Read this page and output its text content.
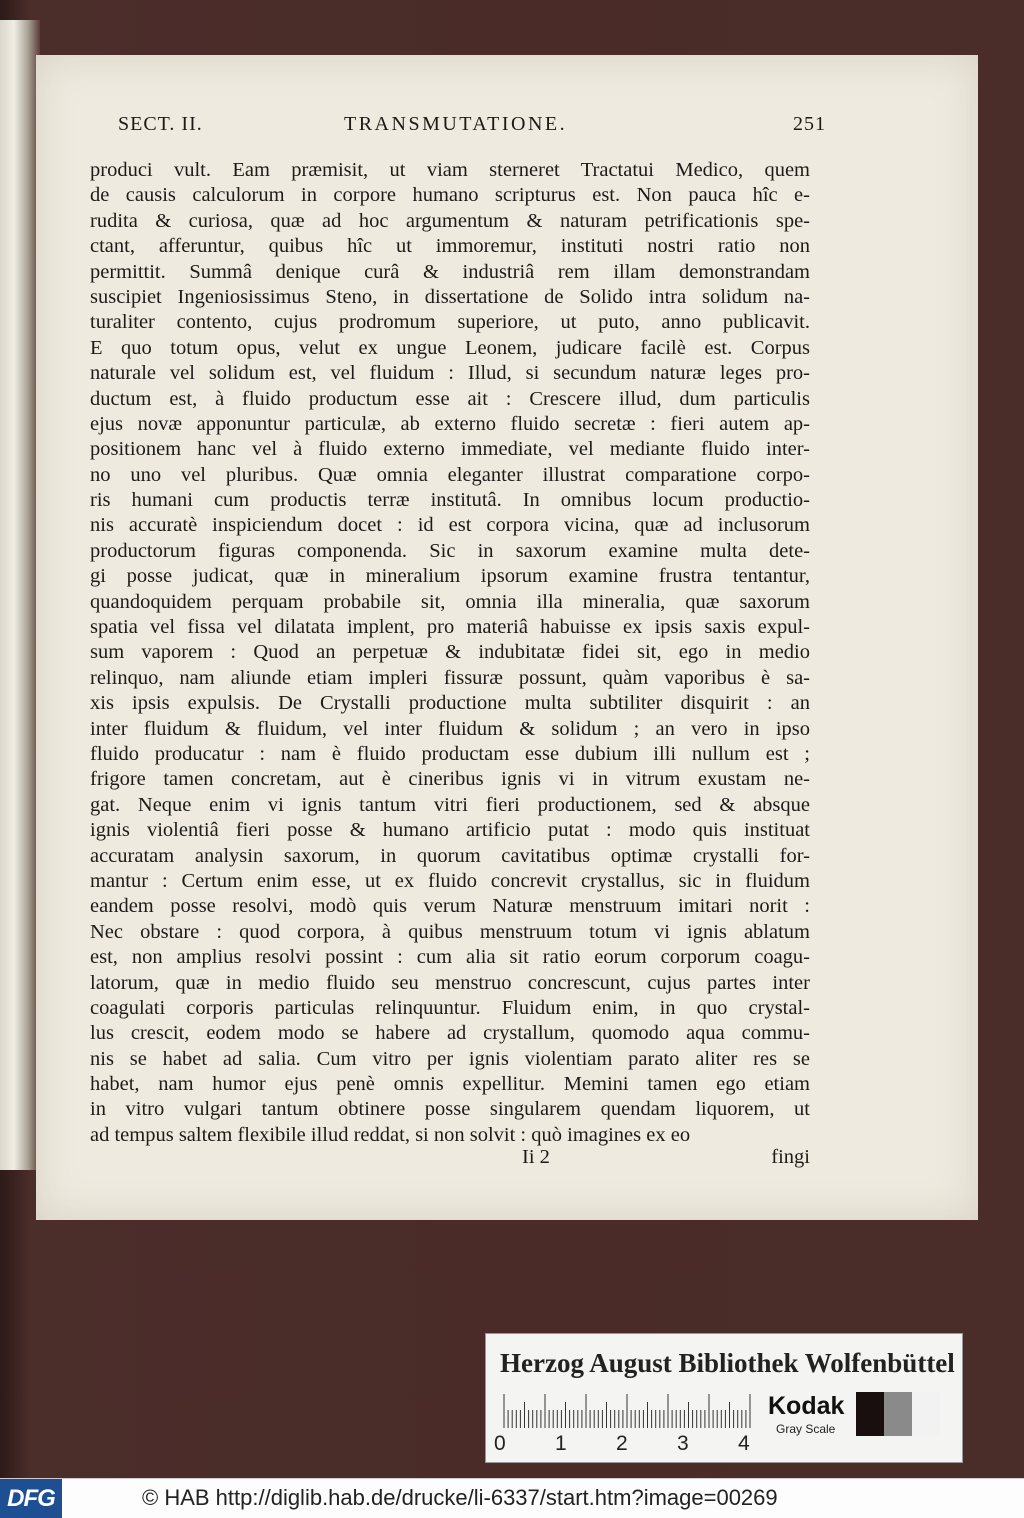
SECT. II.	TRANSMUTATIONE.	251
produci vult. Eam præmisit, ut viam sterneret Tractatui Medico, quem
de causis calculorum in corpore humano scripturus est. Non pauca hîc e-
rudita & curiosa, quæ ad hoc argumentum & naturam petrificationis spe-
ctant, afferuntur, quibus hîc ut immoremur, instituti nostri ratio non
permittit. Summâ denique curâ & industriâ rem illam demonstrandam
suscipiet Ingeniosissimus Steno, in dissertatione de Solido intra solidum na-
turaliter contento, cujus prodromum superiore, ut puto, anno publicavit.
E quo totum opus, velut ex ungue Leonem, judicare facilè est. Corpus
naturale vel solidum est, vel fluidum : Illud, si secundum naturæ leges pro-
ductum est, à fluido productum esse ait : Crescere illud, dum particulis
ejus novæ apponuntur particulæ, ab externo fluido secretæ : fieri autem ap-
positionem hanc vel à fluido externo immediate, vel mediante fluido inter-
no uno vel pluribus. Quæ omnia eleganter illustrat comparatione corpo-
ris humani cum productis terræ institutâ. In omnibus locum productio-
nis accuratè inspiciendum docet : id est corpora vicina, quæ ad inclusorum
productorum figuras componenda. Sic in saxorum examine multa dete-
gi posse judicat, quæ in mineralium ipsorum examine frustra tentantur,
quandoquidem perquam probabile sit, omnia illa mineralia, quæ saxorum
spatia vel fissa vel dilatata implent, pro materiâ habuisse ex ipsis saxis expul-
sum vaporem : Quod an perpetuæ & indubitatæ fidei sit, ego in medio
relinquo, nam aliunde etiam impleri fissuræ possunt, quàm vaporibus è sa-
xis ipsis expulsis. De Crystalli productione multa subtiliter disquirit : an
inter fluidum & fluidum, vel inter fluidum & solidum ; an vero in ipso
fluido producatur : nam è fluido productam esse dubium illi nullum est ;
frigore tamen concretam, aut è cineribus ignis vi in vitrum exustam ne-
gat. Neque enim vi ignis tantum vitri fieri productionem, sed & absque
ignis violentiâ fieri posse & humano artificio putat : modo quis instituat
accuratam analysin saxorum, in quorum cavitatibus optimæ crystalli for-
mantur : Certum enim esse, ut ex fluido concrevit crystallus, sic in fluidum
eandem posse resolvi, modò quis verum Naturæ menstruum imitari norit :
Nec obstare : quod corpora, à quibus menstruum totum vi ignis ablatum
est, non amplius resolvi possint : cum alia sit ratio eorum corporum coagu-
latorum, quæ in medio fluido seu menstruo concrescunt, cujus partes inter
coagulati corporis particulas relinquuntur. Fluidum enim, in quo crystal-
lus crescit, eodem modo se habere ad crystallum, quomodo aqua commu-
nis se habet ad salia. Cum vitro per ignis violentiam parato aliter res se
habet, nam humor ejus penè omnis expellitur. Memini tamen ego etiam
in vitro vulgari tantum obtinere posse singularem quendam liquorem, ut
ad tempus saltem flexibile illud reddat, si non solvit : quò imagines ex eo
Ii 2	fingi
Herzog August Bibliothek Wolfenbüttel
0 1 2 3 4
Kodak
Gray Scale
DFG	© HAB http://diglib.hab.de/drucke/li-6337/start.htm?image=00269
